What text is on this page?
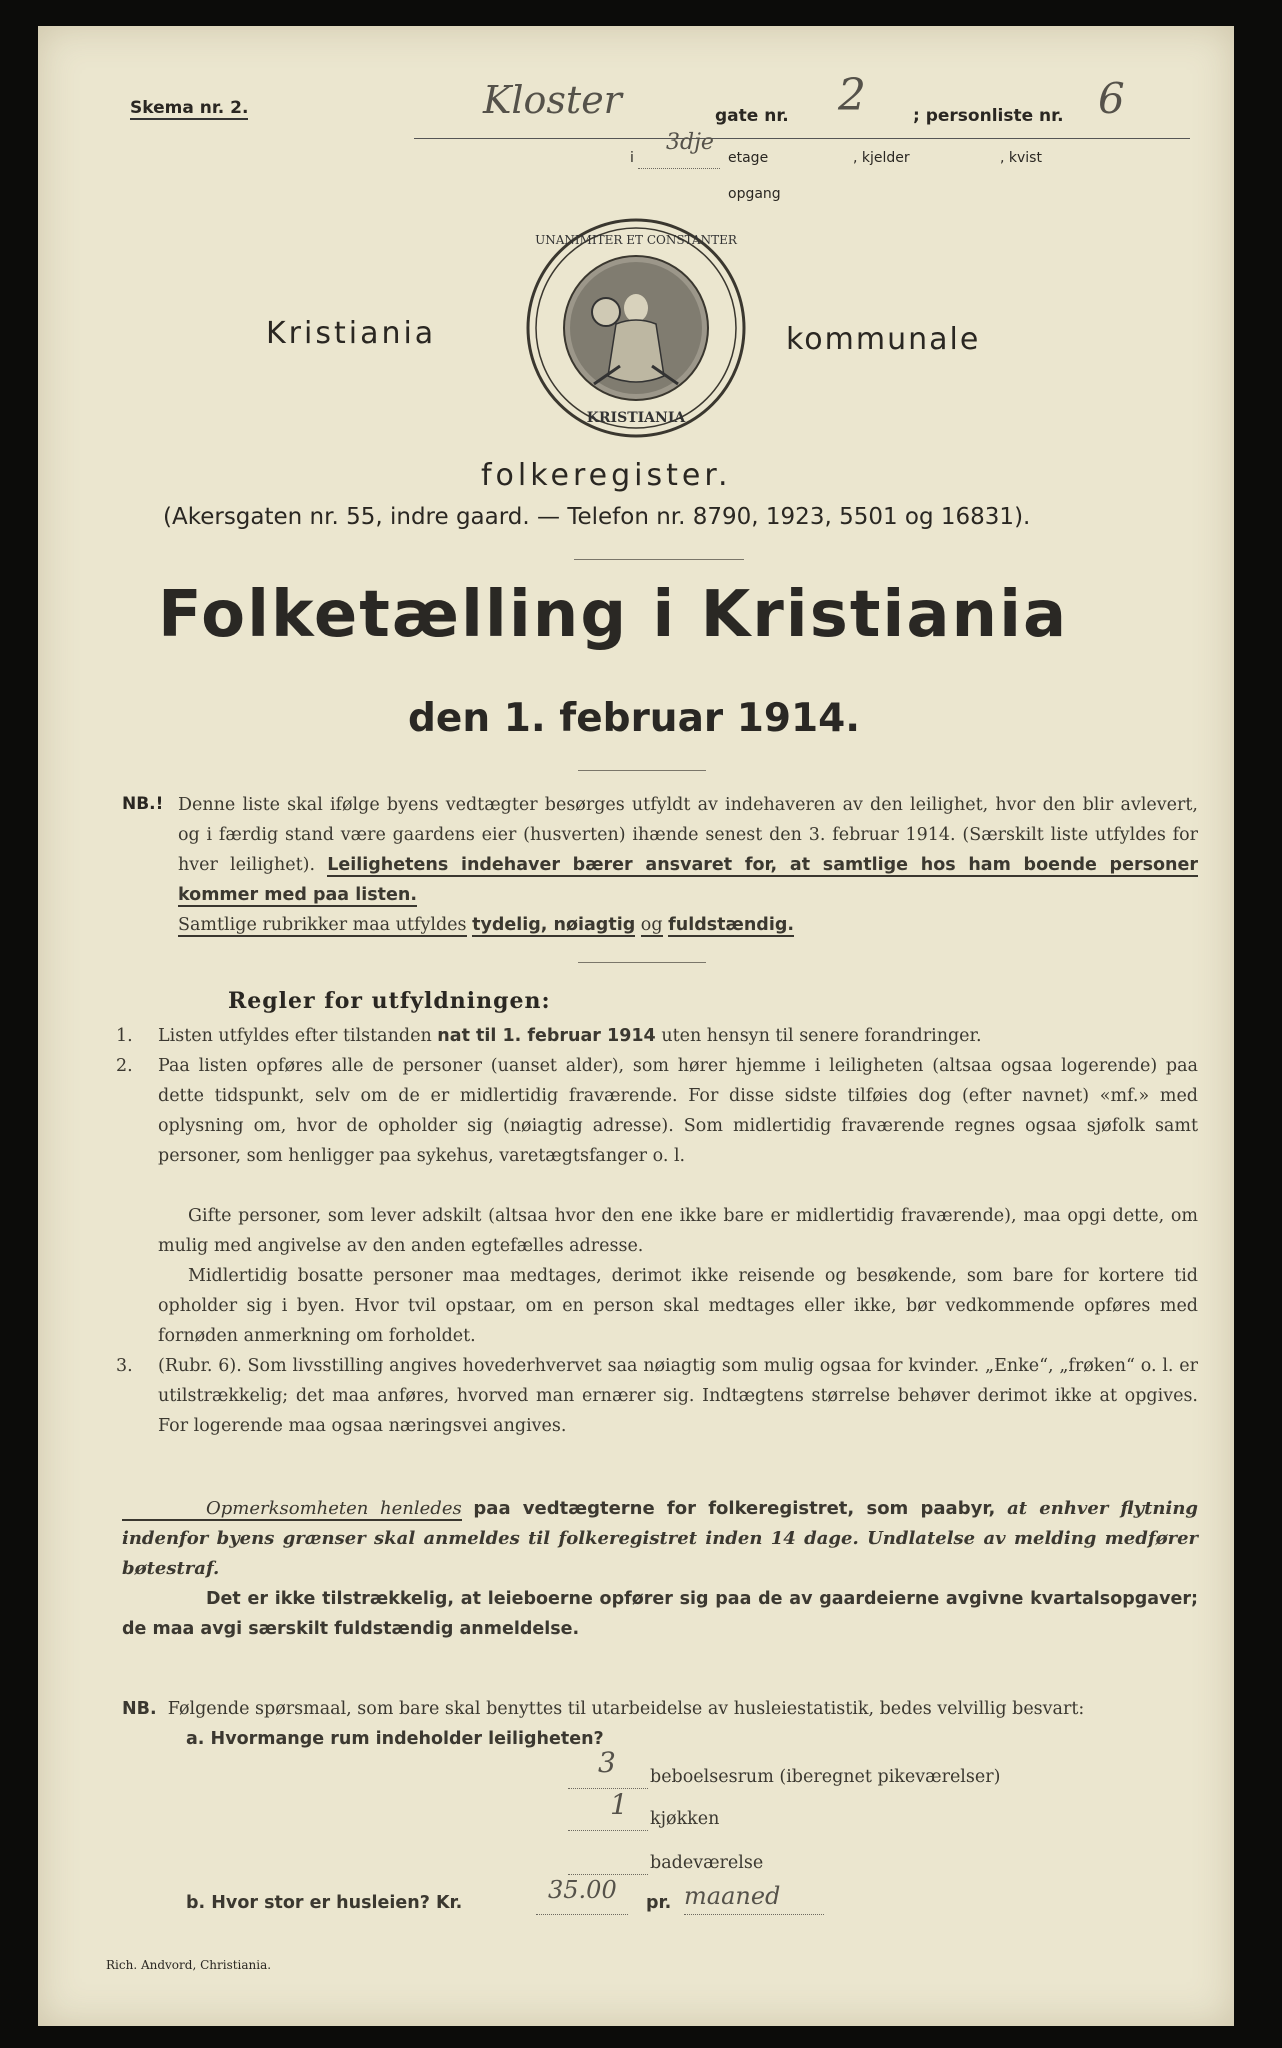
Skema nr. 2.	Kloster	gate nr. 2	; personliste nr. 6
i
3dje
etage	, kjelder	, kvist
opgang
UNANIMITER ET CONSTANTER
KRISTIANIA
Kristiania	kommunale
folkeregister.
(Akersgaten nr. 55, indre gaard. — Telefon nr. 8790, 1923, 5501 og 16831).
Folketælling i Kristiania
den 1. februar 1914.
NB.! Denne liste skal ifølge byens vedtægter besørges utfyldt av indehaveren av den leilighet, hvor den blir avlevert, og i færdig stand være gaardens eier (husverten) ihænde senest den 3. februar 1914. (Særskilt liste utfyldes for hver leilighet). Leilighetens indehaver bærer ansvaret for, at samtlige hos ham boende personer kommer med paa listen.
Samtlige rubrikker maa utfyldes tydelig, nøiagtig og fuldstændig.
Regler for utfyldningen:
1.	Listen utfyldes efter tilstanden nat til 1. februar 1914 uten hensyn til senere forandringer.
2.	Paa listen opføres alle de personer (uanset alder), som hører hjemme i leiligheten (altsaa ogsaa logerende) paa dette tidspunkt, selv om de er midlertidig fraværende. For disse sidste tilføies dog (efter navnet) «mf.» med oplysning om, hvor de opholder sig (nøiagtig adresse). Som midlertidig fraværende regnes ogsaa sjøfolk samt personer, som henligger paa sykehus, varetægtsfanger o. l.
Gifte personer, som lever adskilt (altsaa hvor den ene ikke bare er midlertidig fraværende), maa opgi dette, om mulig med angivelse av den anden egtefælles adresse.
Midlertidig bosatte personer maa medtages, derimot ikke reisende og besøkende, som bare for kortere tid opholder sig i byen. Hvor tvil opstaar, om en person skal medtages eller ikke, bør vedkommende opføres med fornøden anmerkning om forholdet.
3.	(Rubr. 6). Som livsstilling angives hovederhvervet saa nøiagtig som mulig ogsaa for kvinder. „Enke“, „frøken“ o. l. er utilstrækkelig; det maa anføres, hvorved man ernærer sig. Indtægtens størrelse behøver derimot ikke at opgives. For logerende maa ogsaa næringsvei angives.
Opmerksomheten henledes paa vedtægterne for folkeregistret, som paabyr, at enhver flytning indenfor byens grænser skal anmeldes til folkeregistret inden 14 dage. Undlatelse av melding medfører bøtestraf.
Det er ikke tilstrækkelig, at leieboerne opfører sig paa de av gaardeierne avgivne kvartalsopgaver; de maa avgi særskilt fuldstændig anmeldelse.
NB. Følgende spørsmaal, som bare skal benyttes til utarbeidelse av husleiestatistik, bedes velvillig besvart:
a. Hvormange rum indeholder leiligheten?
3 beboelsesrum (iberegnet pikeværelser)
1 kjøkken
badeværelse
b. Hvor stor er husleien? Kr.	35.00 pr. maaned
Rich. Andvord, Christiania.
